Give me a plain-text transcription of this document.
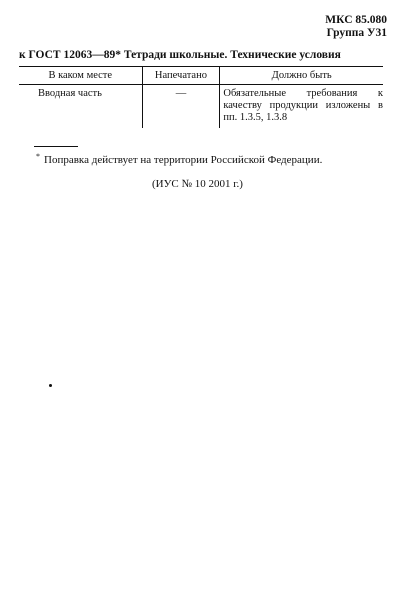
МКС 85.080
Группа У31
к ГОСТ 12063—89* Тетради школьные. Технические условия
В каком месте	Напечатано	Должно быть
Вводная часть	—	Обязательные требования к качеству продукции изложены в пп. 1.3.5, 1.3.8
* Поправка действует на территории Российской Федерации.
(ИУС № 10 2001 г.)
